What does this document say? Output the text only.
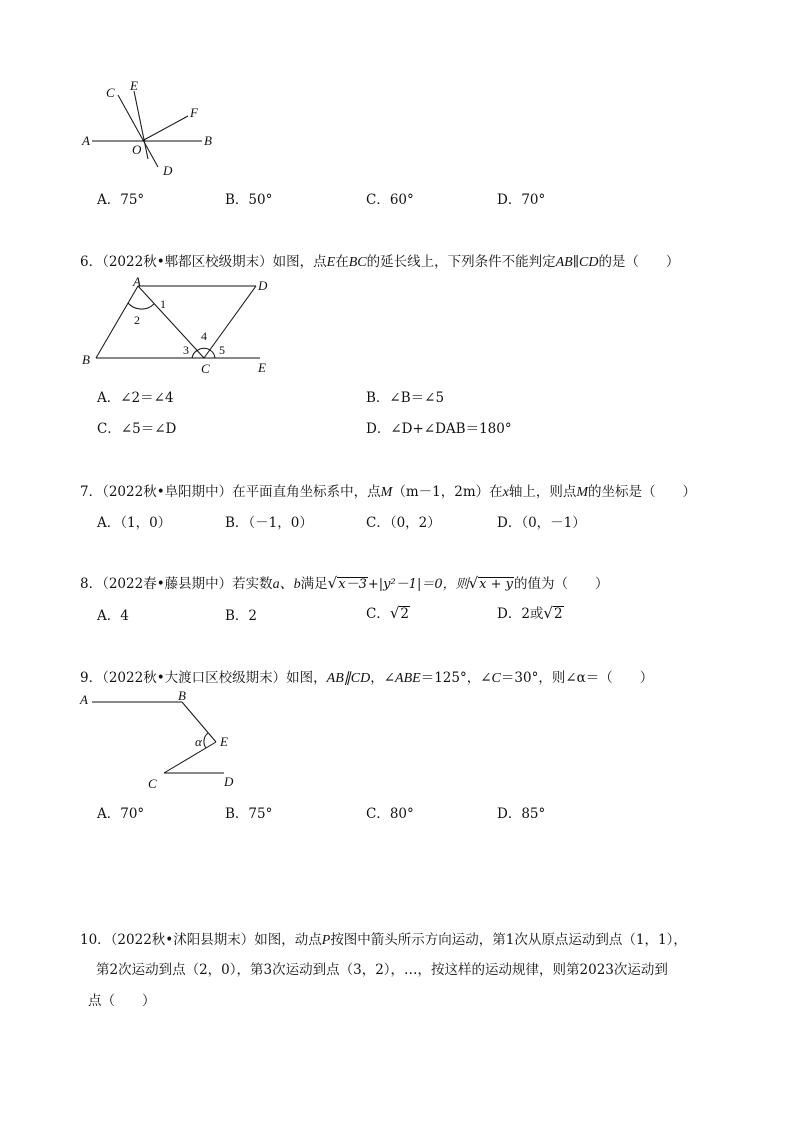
A	B
C E
F
O
D
A．75°	B．50°	C．60°	D．70°
6．（2022秋•郫都区校级期末）如图，点E在BC的延长线上，下列条件不能判定AB∥CD的是（　　）
A	D
B
C	E
1
2
3
4
5
A．∠2＝∠4	B．∠B＝∠5
C．∠5＝∠D	D．∠D+∠DAB＝180°
7．（2022秋•阜阳期中）在平面直角坐标系中，点M（m－1，2m）在x轴上，则点M的坐标是（　　）
A．（1，0）	B．（－1，0）	C．（0，2）	D．（0，－1）
8．（2022春•藤县期中）若实数a、b满足√x－3+|y²－1|＝0，则√x + y的值为（　　）
A．4	B．2	C．√2	D．2或√2
9．（2022秋•大渡口区校级期末）如图，AB∥CD，∠ABE＝125°，∠C＝30°，则∠α＝（　　）
A	B
E
C	D
α
A．70°	B．75°	C．80°	D．85°
10．（2022秋•沭阳县期末）如图，动点P按图中箭头所示方向运动，第1次从原点运动到点（1，1），
第2次运动到点（2，0），第3次运动到点（3，2），…，按这样的运动规律，则第2023次运动到
点（　　）
